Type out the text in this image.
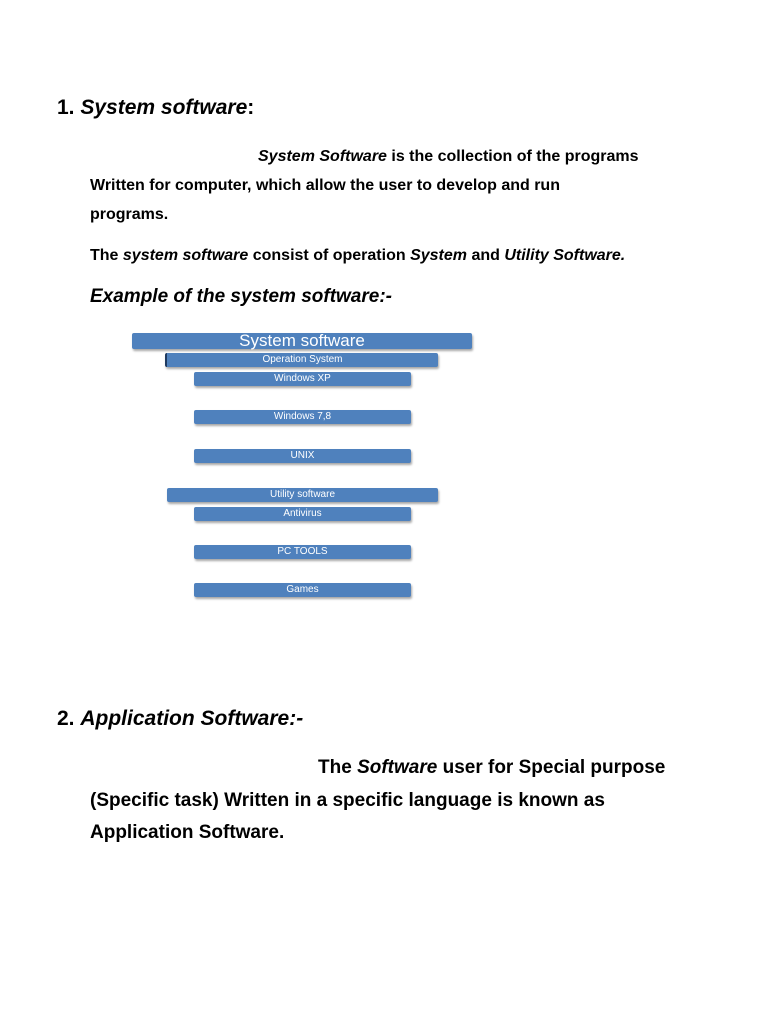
1. System software:
System Software is the collection of the programs
Written for computer, which allow the user to develop and run
programs.
The system software consist of operation System and Utility Software.
Example of the system software:-
System software
Operation System
Windows XP
Windows 7,8
UNIX
Utility software
Antivirus
PC TOOLS
Games
2. Application Software:-
The Software user for Special purpose
(Specific task) Written in a specific language is known as
Application Software.
